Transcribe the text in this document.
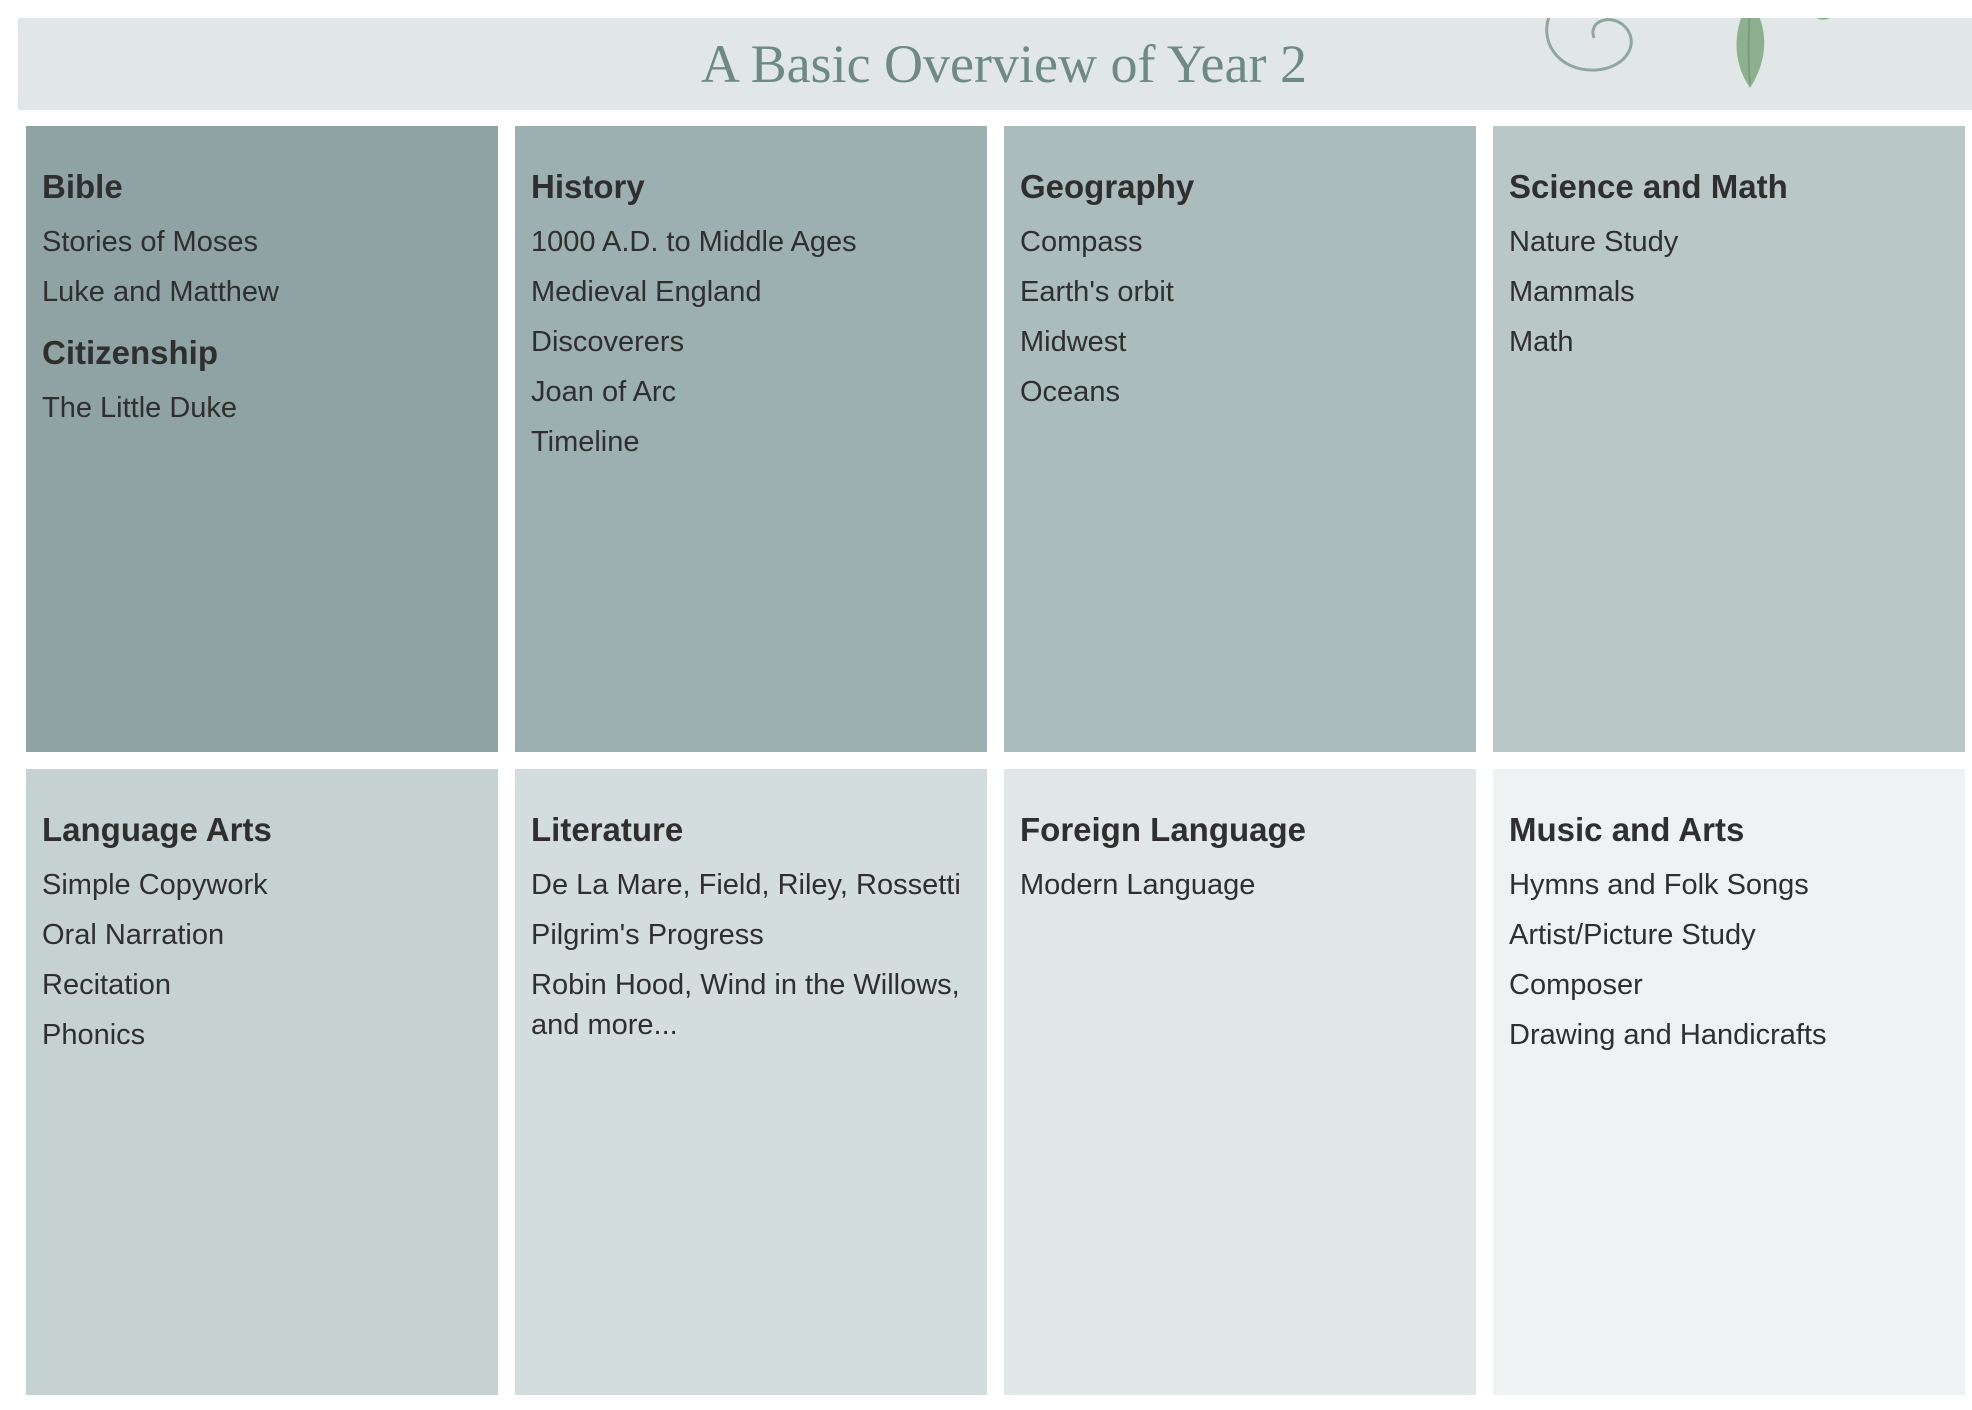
A Basic Overview of Year 2
Bible
Stories of Moses
Luke and Matthew
Citizenship
The Little Duke
History
1000 A.D. to Middle Ages
Medieval England
Discoverers
Joan of Arc
Timeline
Geography
Compass
Earth's orbit
Midwest
Oceans
Science and Math
Nature Study
Mammals
Math
Language Arts
Simple Copywork
Oral Narration
Recitation
Phonics
Literature
De La Mare, Field, Riley, Rossetti
Pilgrim's Progress
Robin Hood, Wind in the Willows, and more...
Foreign Language
Modern Language
Music and Arts
Hymns and Folk Songs
Artist/Picture Study
Composer
Drawing and Handicrafts
